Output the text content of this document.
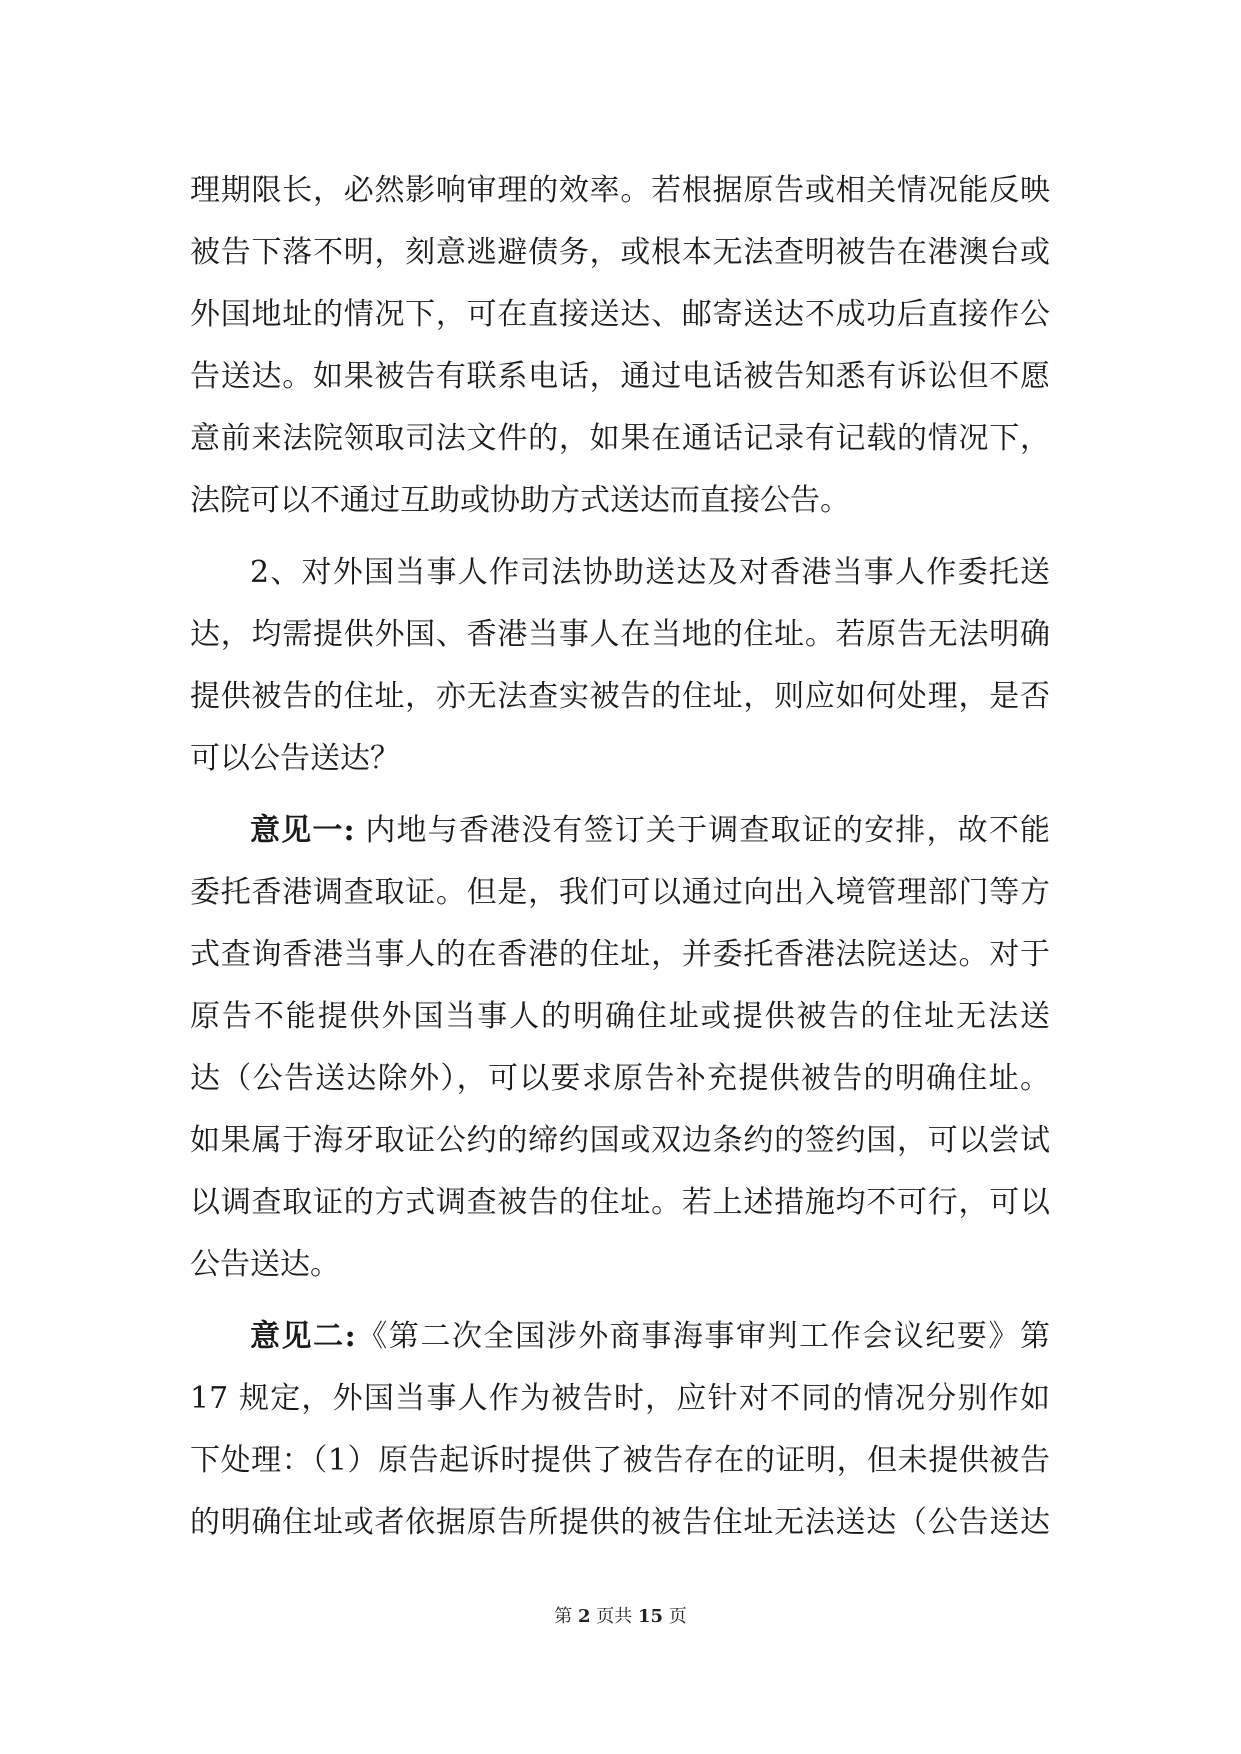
理期限长，必然影响审理的效率。若根据原告或相关情况能反映
被告下落不明，刻意逃避债务，或根本无法查明被告在港澳台或
外国地址的情况下，可在直接送达、邮寄送达不成功后直接作公
告送达。如果被告有联系电话，通过电话被告知悉有诉讼但不愿
意前来法院领取司法文件的，如果在通话记录有记载的情况下，
法院可以不通过互助或协助方式送达而直接公告。
2、对外国当事人作司法协助送达及对香港当事人作委托送
达，均需提供外国、香港当事人在当地的住址。若原告无法明确
提供被告的住址，亦无法查实被告的住址，则应如何处理，是否
可以公告送达？
意见一: 内地与香港没有签订关于调查取证的安排，故不能
委托香港调查取证。但是，我们可以通过向出入境管理部门等方
式查询香港当事人的在香港的住址，并委托香港法院送达。对于
原告不能提供外国当事人的明确住址或提供被告的住址无法送
达（公告送达除外），可以要求原告补充提供被告的明确住址。
如果属于海牙取证公约的缔约国或双边条约的签约国，可以尝试
以调查取证的方式调查被告的住址。若上述措施均不可行，可以
公告送达。
意见二:《第二次全国涉外商事海事审判工作会议纪要》第
17 规定，外国当事人作为被告时，应针对不同的情况分别作如
下处理：（1）原告起诉时提供了被告存在的证明，但未提供被告
的明确住址或者依据原告所提供的被告住址无法送达（公告送达
第 2 页共 15 页
